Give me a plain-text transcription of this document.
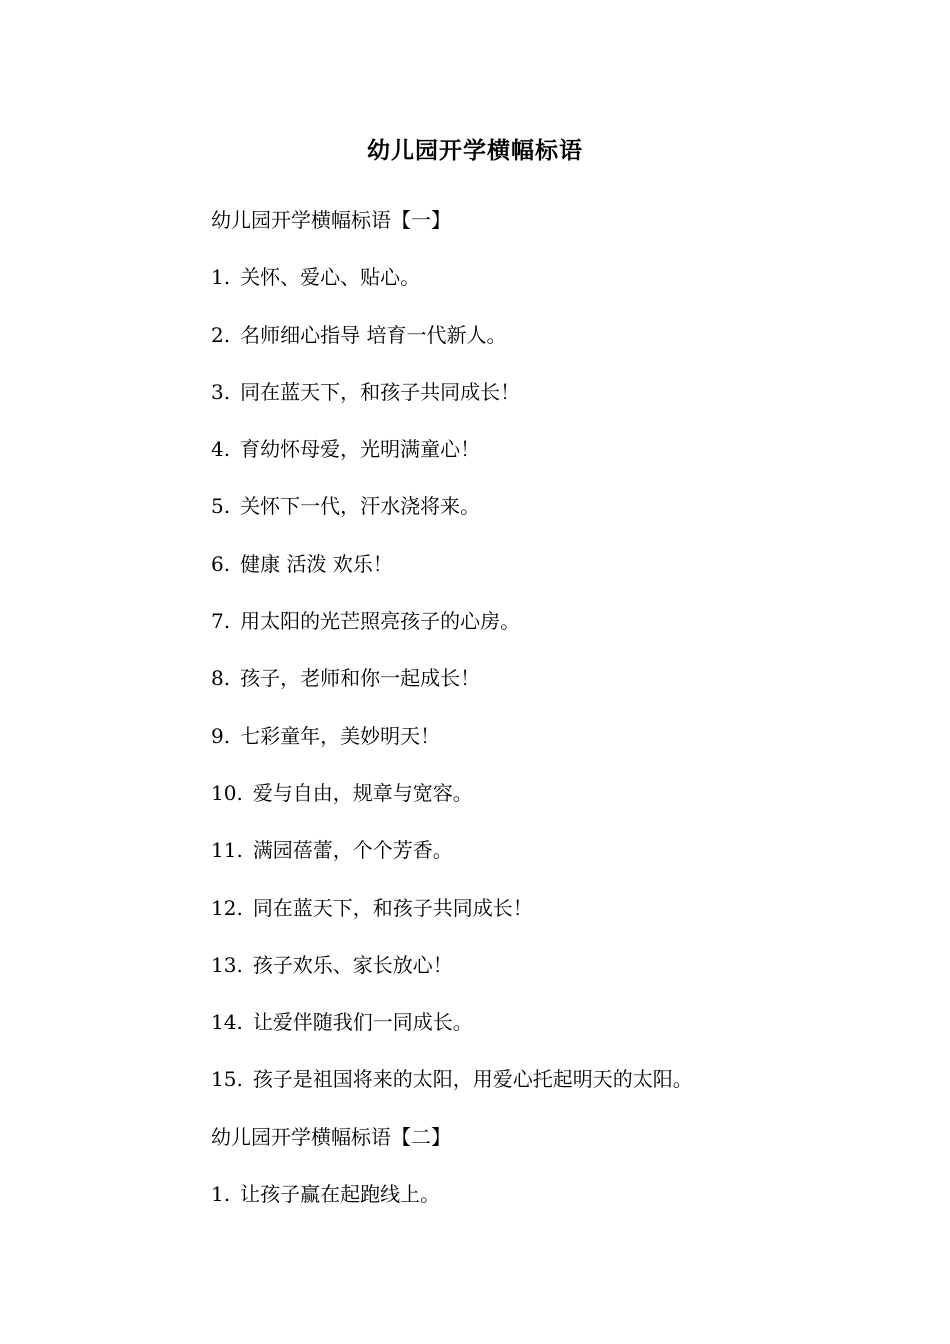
幼儿园开学横幅标语
幼儿园开学横幅标语【一】
1. 关怀、爱心、贴心。
2. 名师细心指导 培育一代新人。
3. 同在蓝天下，和孩子共同成长！
4. 育幼怀母爱，光明满童心！
5. 关怀下一代，汗水浇将来。
6. 健康 活泼 欢乐！
7. 用太阳的光芒照亮孩子的心房。
8. 孩子，老师和你一起成长！
9. 七彩童年，美妙明天！
10. 爱与自由，规章与宽容。
11. 满园蓓蕾，个个芳香。
12. 同在蓝天下，和孩子共同成长！
13. 孩子欢乐、家长放心！
14. 让爱伴随我们一同成长。
15. 孩子是祖国将来的太阳，用爱心托起明天的太阳。
幼儿园开学横幅标语【二】
1. 让孩子赢在起跑线上。
